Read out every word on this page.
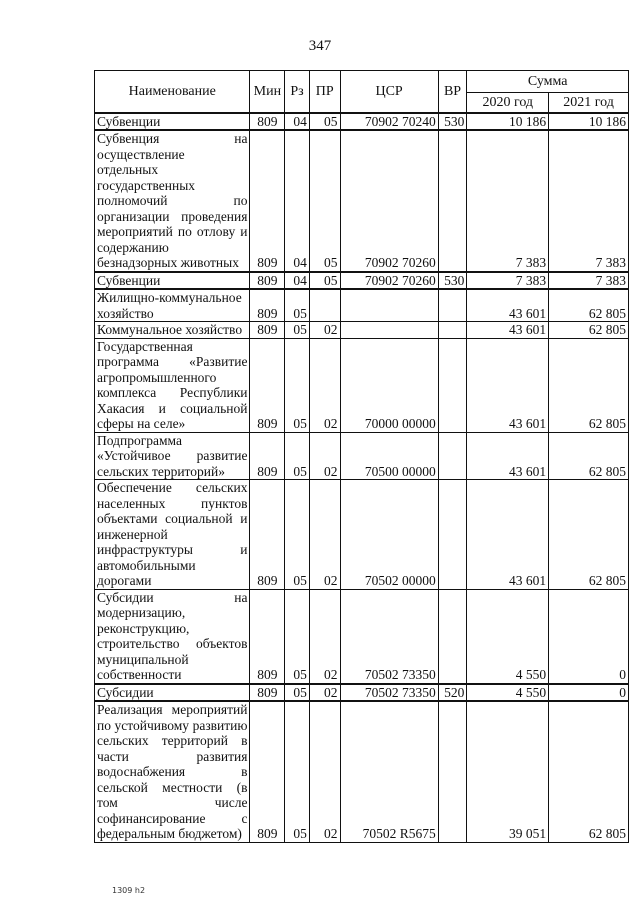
347
Наименование	Мин	Рз	ПР	ЦСР	ВР	Сумма	
						2020 год	2021 год
Субвенции	809	04	05	70902 70240	530	10 186	10 186
Субвенция на осуществление отдельных государственных полномочий по организации проведения мероприятий по отлову и содержанию безнадзорных животных	809	04	05	70902 70260		7 383	7 383
Субвенции	809	04	05	70902 70260	530	7 383	7 383
Жилищно-коммунальное хозяйство	809	05				43 601	62 805
Коммунальное хозяйство	809	05	02			43 601	62 805
Государственная программа «Развитие агропромышленного комплекса Республики Хакасия и социальной сферы на селе»	809	05	02	70000 00000		43 601	62 805
Подпрограмма «Устойчивое развитие сельских территорий»	809	05	02	70500 00000		43 601	62 805
Обеспечение сельских населенных пунктов объектами социальной и инженерной инфраструктуры и автомобильными дорогами	809	05	02	70502 00000		43 601	62 805
Субсидии на модернизацию, реконструкцию, строительство объектов муниципальной собственности	809	05	02	70502 73350		4 550	0
Субсидии	809	05	02	70502 73350	520	4 550	0
Реализация мероприятий по устойчивому развитию сельских территорий в части развития водоснабжения в сельской местности (в том числе софинансирование с федеральным бюджетом)	809	05	02	70502 R5675		39 051	62 805
1309 h2
